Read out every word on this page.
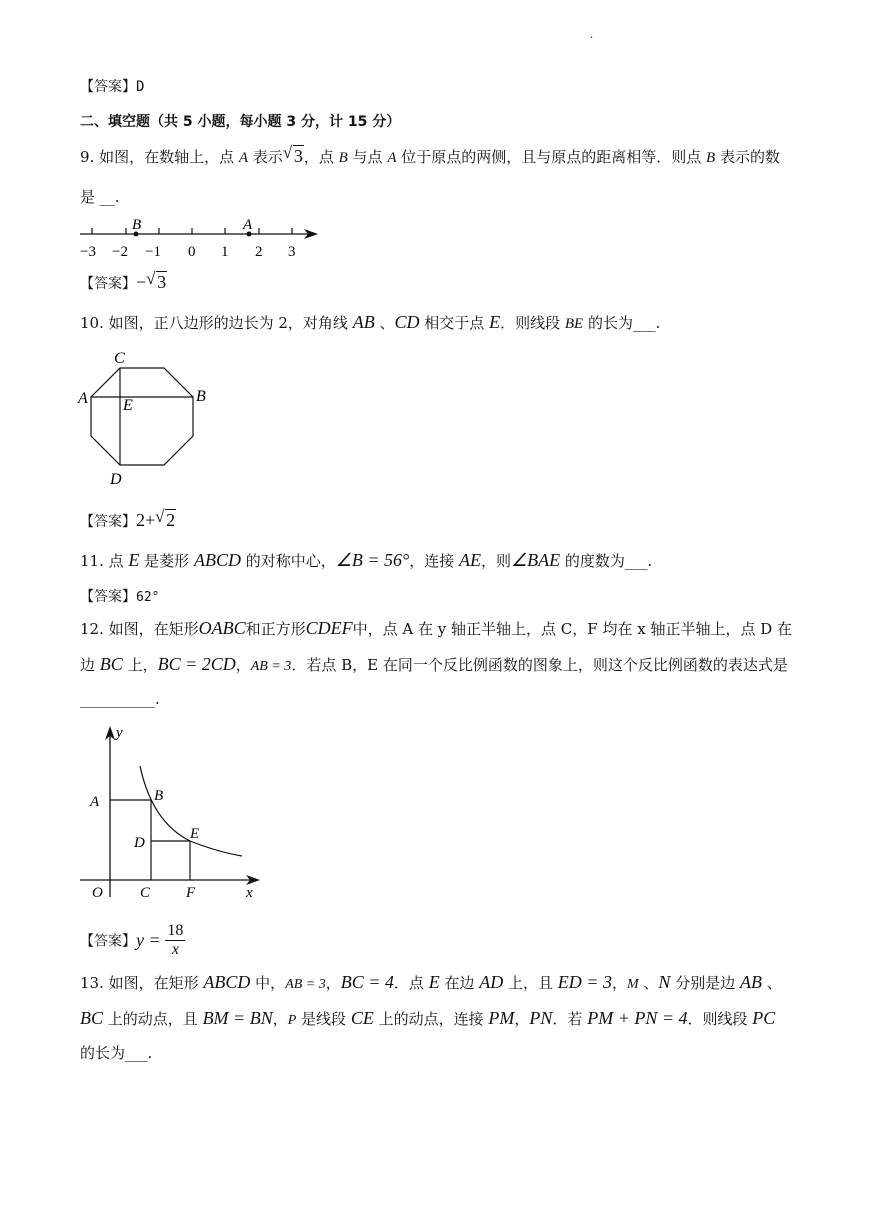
.
【答案】D
二、填空题（共 5 小题，每小题 3 分，计 15 分）
9. 如图，在数轴上，点 A 表示 √ 3，点 B 与点 A 位于原点的两侧，且与原点的距离相等．则点 B 表示的数
是 __.
B	A
−3 −2 −1 0 1 2 3
【答案】− √ 3
10. 如图，正八边形的边长为 2，对角线 AB 、CD 相交于点 E．则线段 BE 的长为___.
C
A	B
E
D
【答案】2+ √ 2
11. 点 E 是菱形 ABCD 的对称中心，∠B = 56°，连接 AE，则∠BAE 的度数为___.
【答案】62°
12. 如图，在矩形OABC和正方形CDEF中，点 A 在 y 轴正半轴上，点 C，F 均在 x 轴正半轴上，点 D 在
边 BC 上，BC = 2CD，AB = 3．若点 B，E 在同一个反比例函数的图象上，则这个反比例函数的表达式是
__________.
y
A	B
D
E
O C F	x
【答案】$y = \frac{18}{x}$
13. 如图，在矩形 ABCD 中，AB = 3，BC = 4．点 E 在边 AD 上，且 ED = 3，M 、N 分别是边 AB 、
BC 上的动点，且 BM = BN，P 是线段 CE 上的动点，连接 PM，PN．若 PM + PN = 4．则线段 PC
的长为___.
